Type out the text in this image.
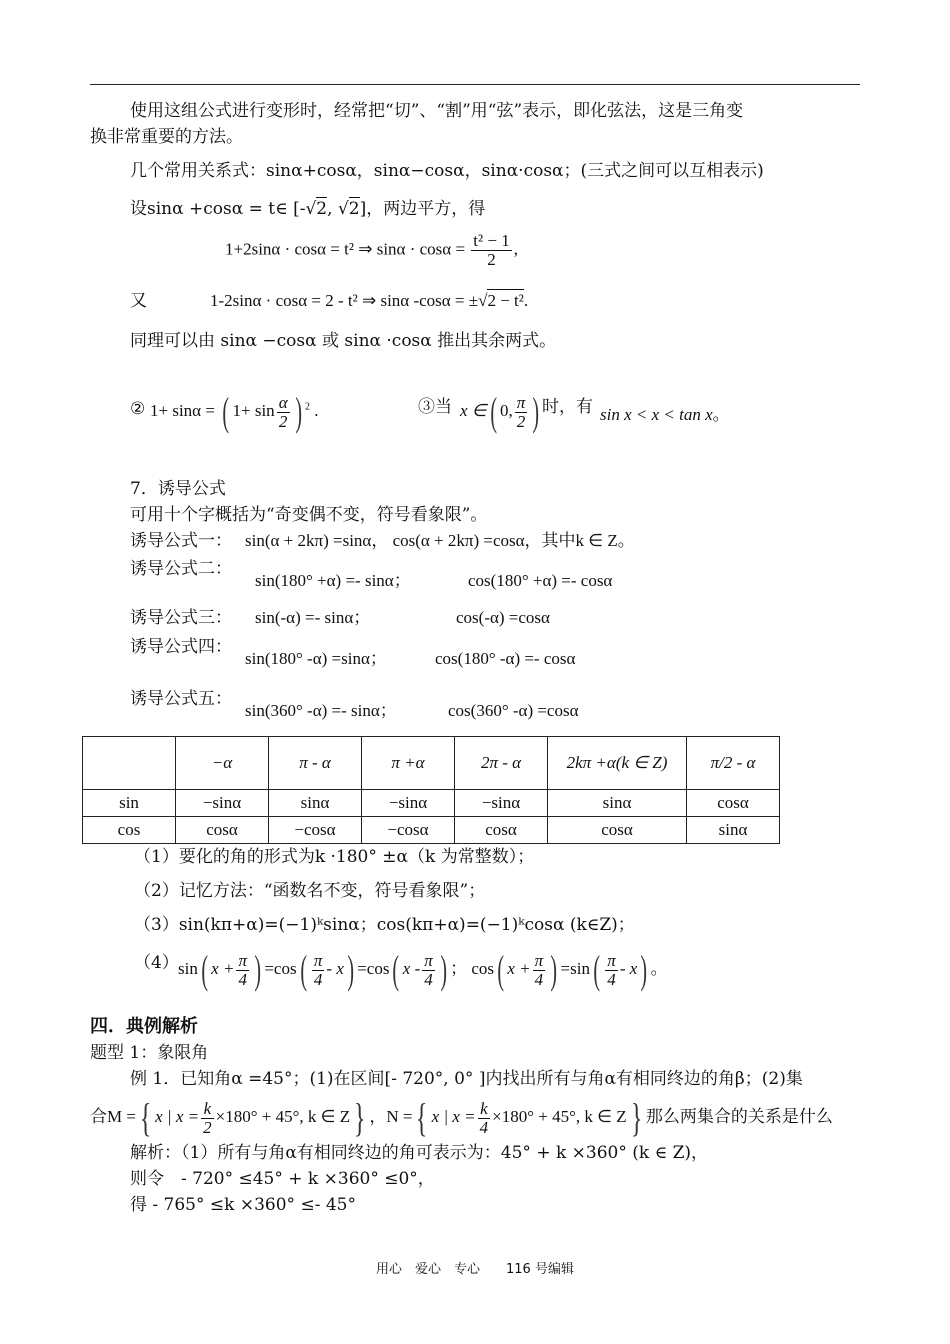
使用这组公式进行变形时，经常把“切”、“割”用“弦”表示，即化弦法，这是三角变
换非常重要的方法。
几个常用关系式：sinα+cosα，sinα−cosα，sinα·cosα；(三式之间可以互相表示)
设sinα +cosα = t∈ [-√2, √2]，两边平方，得
1+2sinα · cosα = t² ⇒ $\sin\alpha \cdot \cos\alpha = \frac{\text{t² − 1}}{2}$ ,
又	1-2sinα · cosα = 2 - t² ⇒ sinα -cosα = ±√2 − t².
同理可以由 sinα −cosα 或 sinα ·cosα 推出其余两式。
② 1+ sinα = ( $1+ \sin \frac{\alpha}{2}$ ) $^2$ .	③当 x ∈( 0, $\frac{\pi}{2}$ ) 时，有 sin x < x < tan x。
7．诱导公式
可用十个字概括为“奇变偶不变，符号看象限”。
诱导公式一： sin(α + 2kπ) =sinα， cos(α + 2kπ) =cosα，其中k ∈ Z。
诱导公式二：
sin(180° +α) =- sinα；	cos(180° +α) =- cosα
诱导公式三： sin(-α) =- sinα；	cos(-α) =cosα
诱导公式四：
sin(180° -α) =sinα；	cos(180° -α) =- cosα
诱导公式五：
sin(360° -α) =- sinα；	cos(360° -α) =cosα
	−α	π - α	π +α	2π - α	2kπ +α(k ∈ Z)	π/2 - α
sin	−sinα	sinα	−sinα	−sinα	sinα	cosα
cos	cosα	−cosα	−cosα	cosα	cosα	sinα
（1）要化的角的形式为k ·180° ±α（k 为常整数）；
（2）记忆方法：“函数名不变，符号看象限”；
（3）sin(kπ+α)=(−1)ᵏsinα；cos(kπ+α)=(−1)ᵏcosα (k∈Z)；
（4） sin( $x + \frac{\pi}{4}$ ) $=\cos( \frac{\pi}{4} - x) =\cos$( x - $\frac{\pi}{4}$ ) ； cos( $x + \frac{\pi}{4}$ ) $=\sin( \frac{\pi}{4} - x)$ 。
四．典例解析
题型 1：象限角
例 1．已知角α =45°；(1)在区间[- 720°, 0° ]内找出所有与角α有相同终边的角β；(2)集
合M ={ x | $x = \frac{k}{2} \times 180^\circ + 45^\circ$, k ∈ Z} ，N ={ x | $x = \frac{k}{4} \times 180^\circ + 45^\circ$, k ∈ Z} 那么两集合的关系是什么
解析：（1）所有与角α有相同终边的角可表示为：45° + k ×360° (k ∈ Z)，
则令　- 720° ≤45° + k ×360° ≤0°，
得 - 765° ≤k ×360° ≤- 45°
用心　爱心　专心　　116 号编辑
